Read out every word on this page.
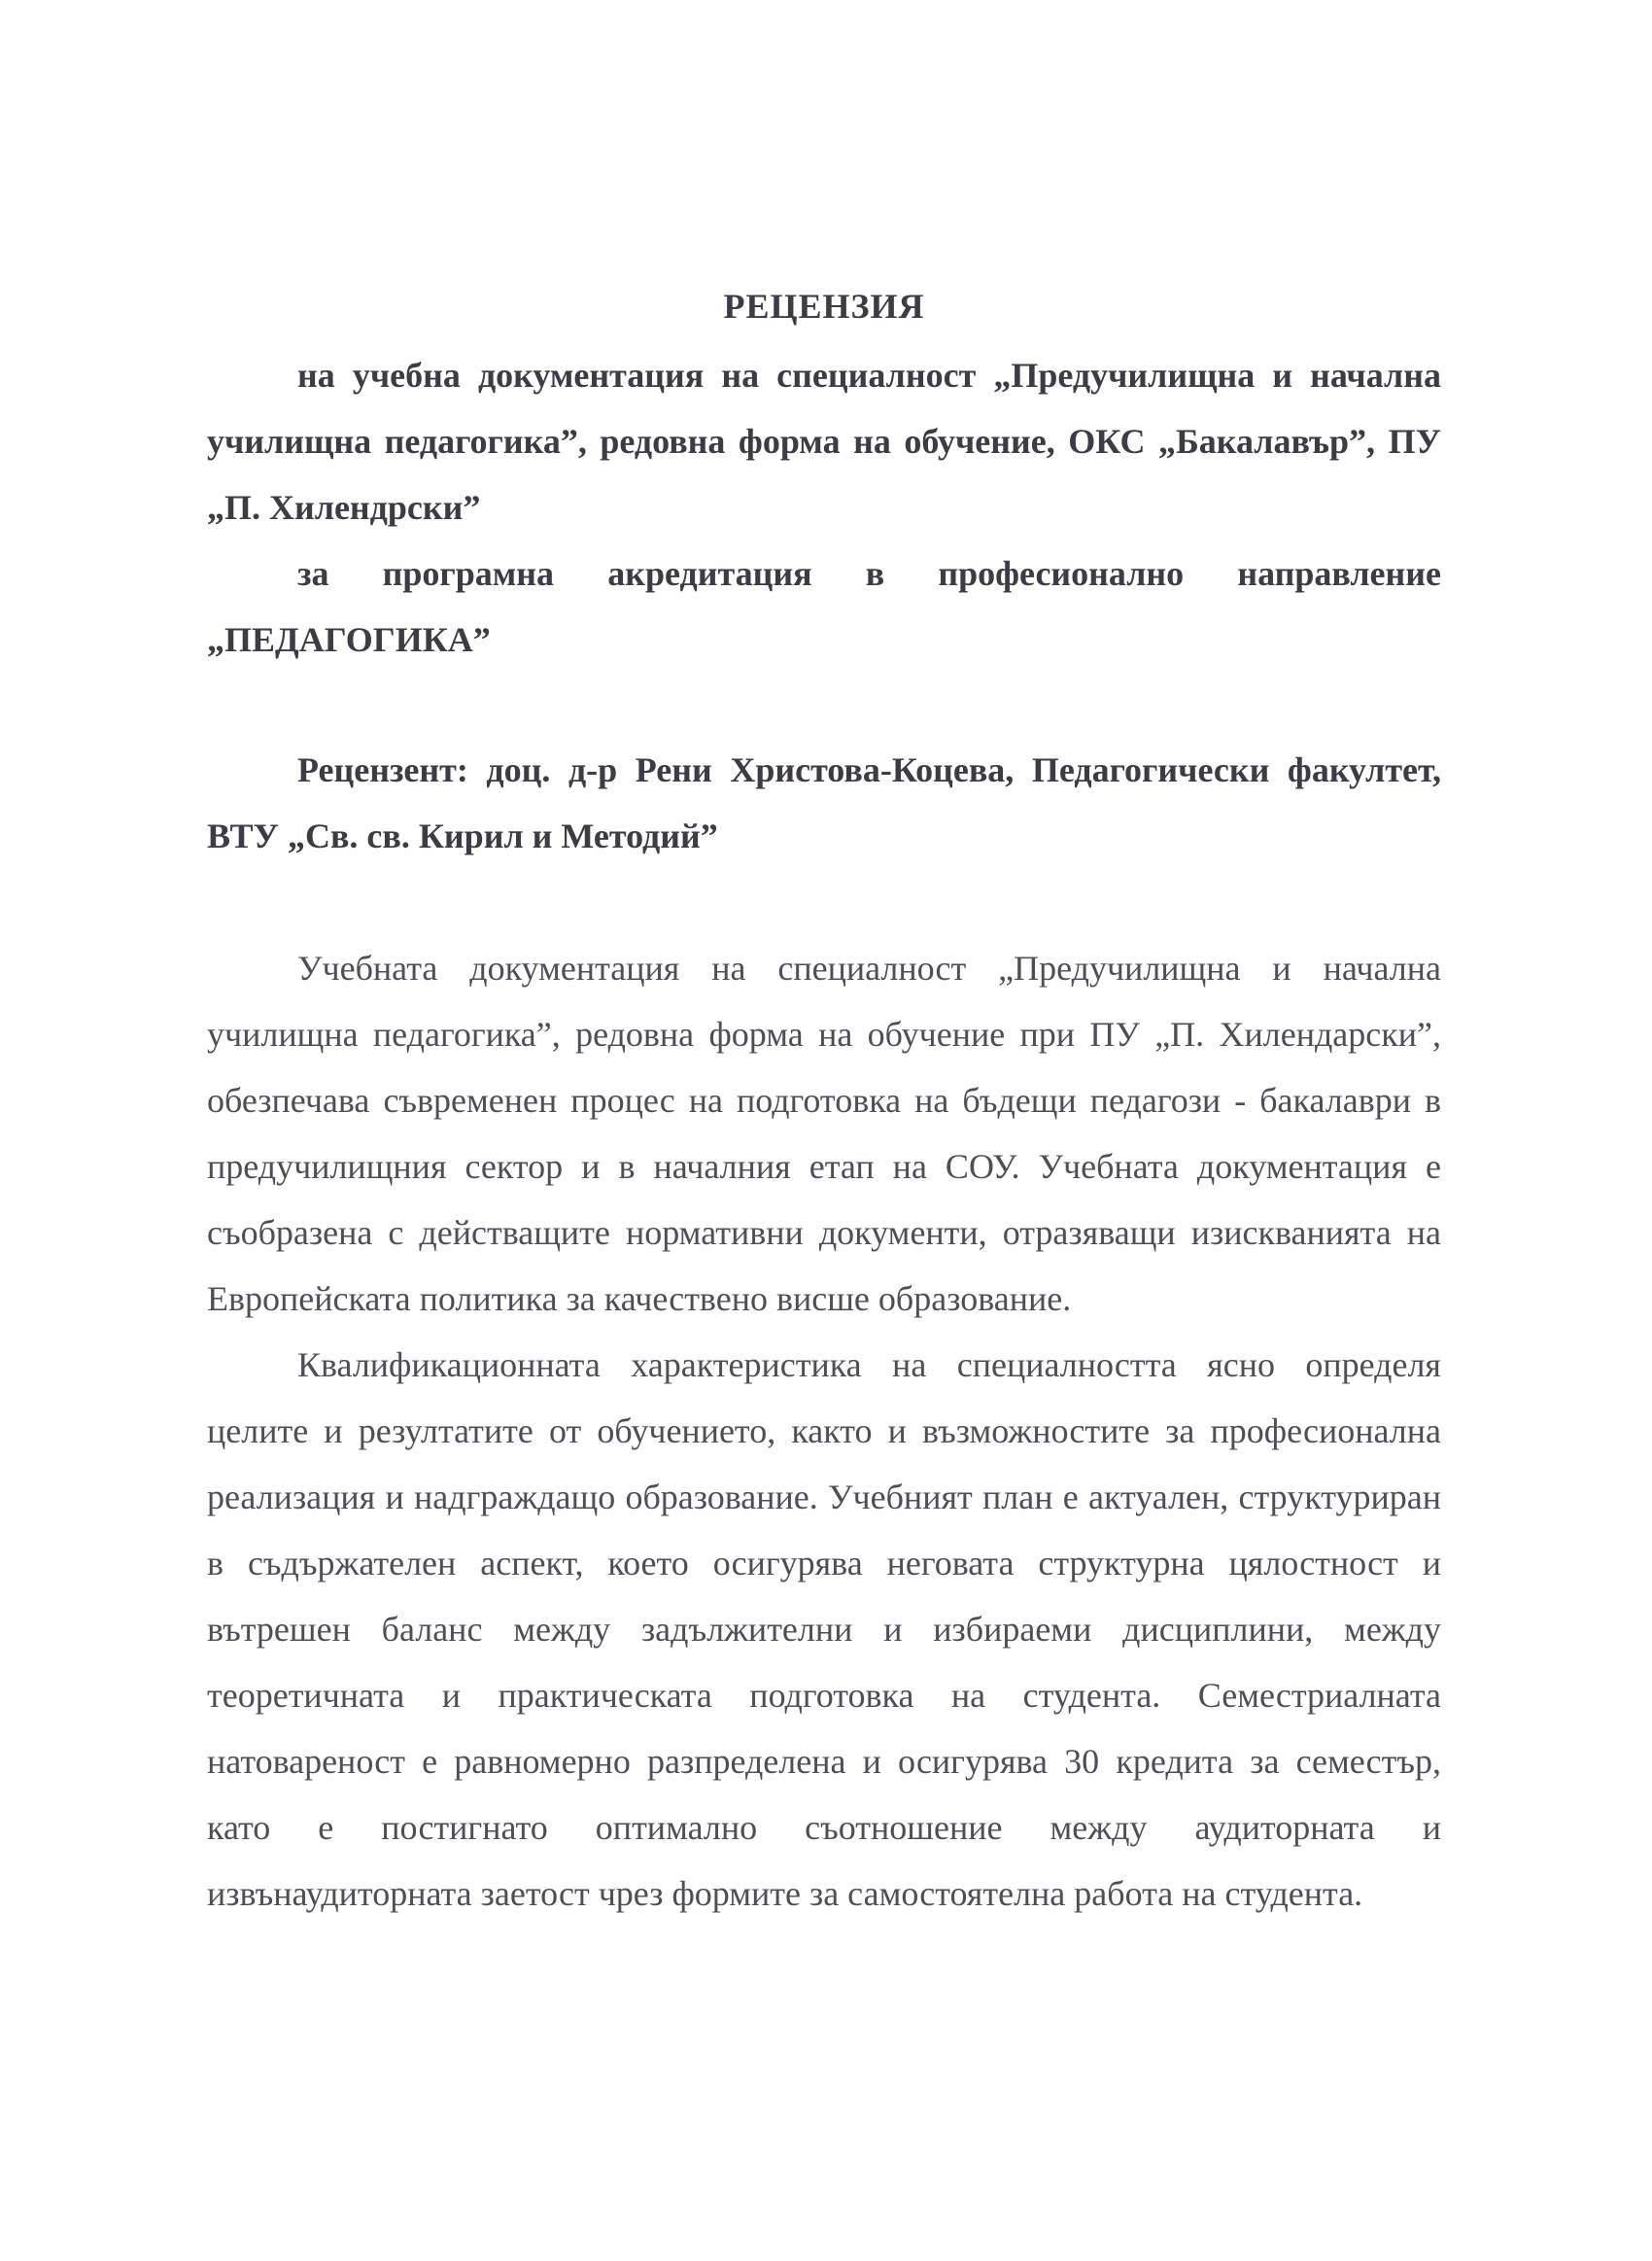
РЕЦЕНЗИЯ

на учебна документация на специалност „Предучилищна и начална училищна педагогика”, редовна форма на обучение, ОКС „Бакалавър”, ПУ „П. Хилендрски”

за програмна акредитация в професионално направление „ПЕДАГОГИКА”

Рецензент: доц. д-р Рени Христова-Коцева, Педагогически факултет, ВТУ „Св. св. Кирил и Методий”

Учебната документация на специалност „Предучилищна и начална училищна педагогика”, редовна форма на обучение при ПУ „П. Хилендарски”, обезпечава съвременен процес на подготовка на бъдещи педагози - бакалаври в предучилищния сектор и в началния етап на СОУ. Учебната документация е съобразена с действащите нормативни документи, отразяващи изискванията на Европейската политика за качествено висше образование.

Квалификационната характеристика на специалността ясно определя целите и резултатите от обучението, както и възможностите за професионална реализация и надграждащо образование. Учебният план е актуален, структуриран в съдържателен аспект, което осигурява неговата структурна цялостност и вътрешен баланс между задължителни и избираеми дисциплини, между теоретичната и практическата подготовка на студента. Семестриалната натовареност е равномерно разпределена и осигурява 30 кредита за семестър, като е постигнато оптимално съотношение между аудиторната и извънаудиторната заетост чрез формите за самостоятелна работа на студента.
